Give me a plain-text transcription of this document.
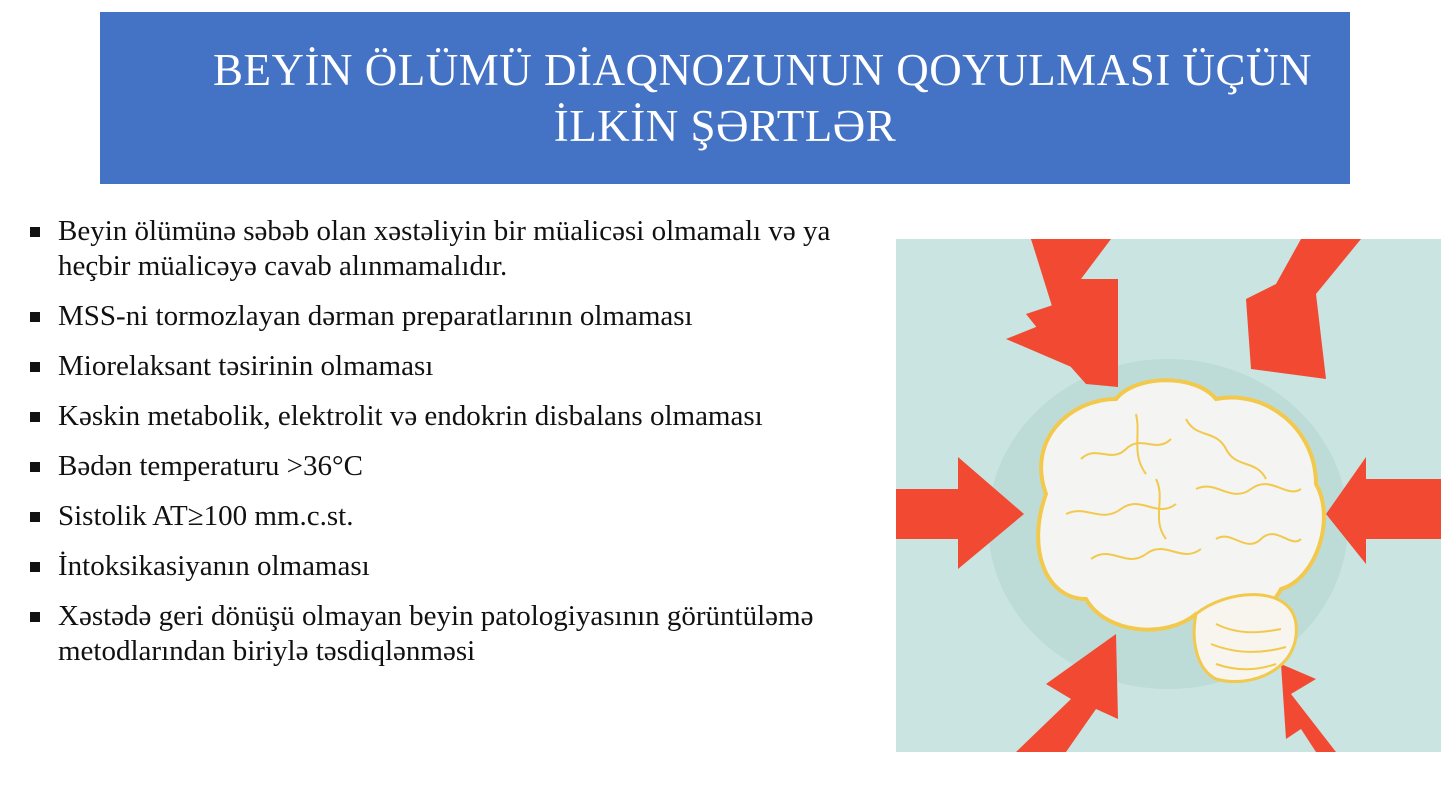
BEYİN ÖLÜMÜ DİAQNOZUNUN QOYULMASI ÜÇÜN
İLKİN ŞƏRTLƏR
Beyin ölümünə səbəb olan xəstəliyin bir müalicəsi olmamalı və ya heçbir müalicəyə cavab alınmamalıdır.
MSS-ni tormozlayan dərman preparatlarının olmaması
Miorelaksant təsirinin olmaması
Kəskin metabolik, elektrolit və endokrin disbalans olmaması
Bədən temperaturu >36°C
Sistolik AT≥100 mm.c.st.
İntoksikasiyanın olmaması
Xəstədə geri dönüşü olmayan beyin patologiyasının görüntüləmə metodlarından biriylə təsdiqlənməsi
